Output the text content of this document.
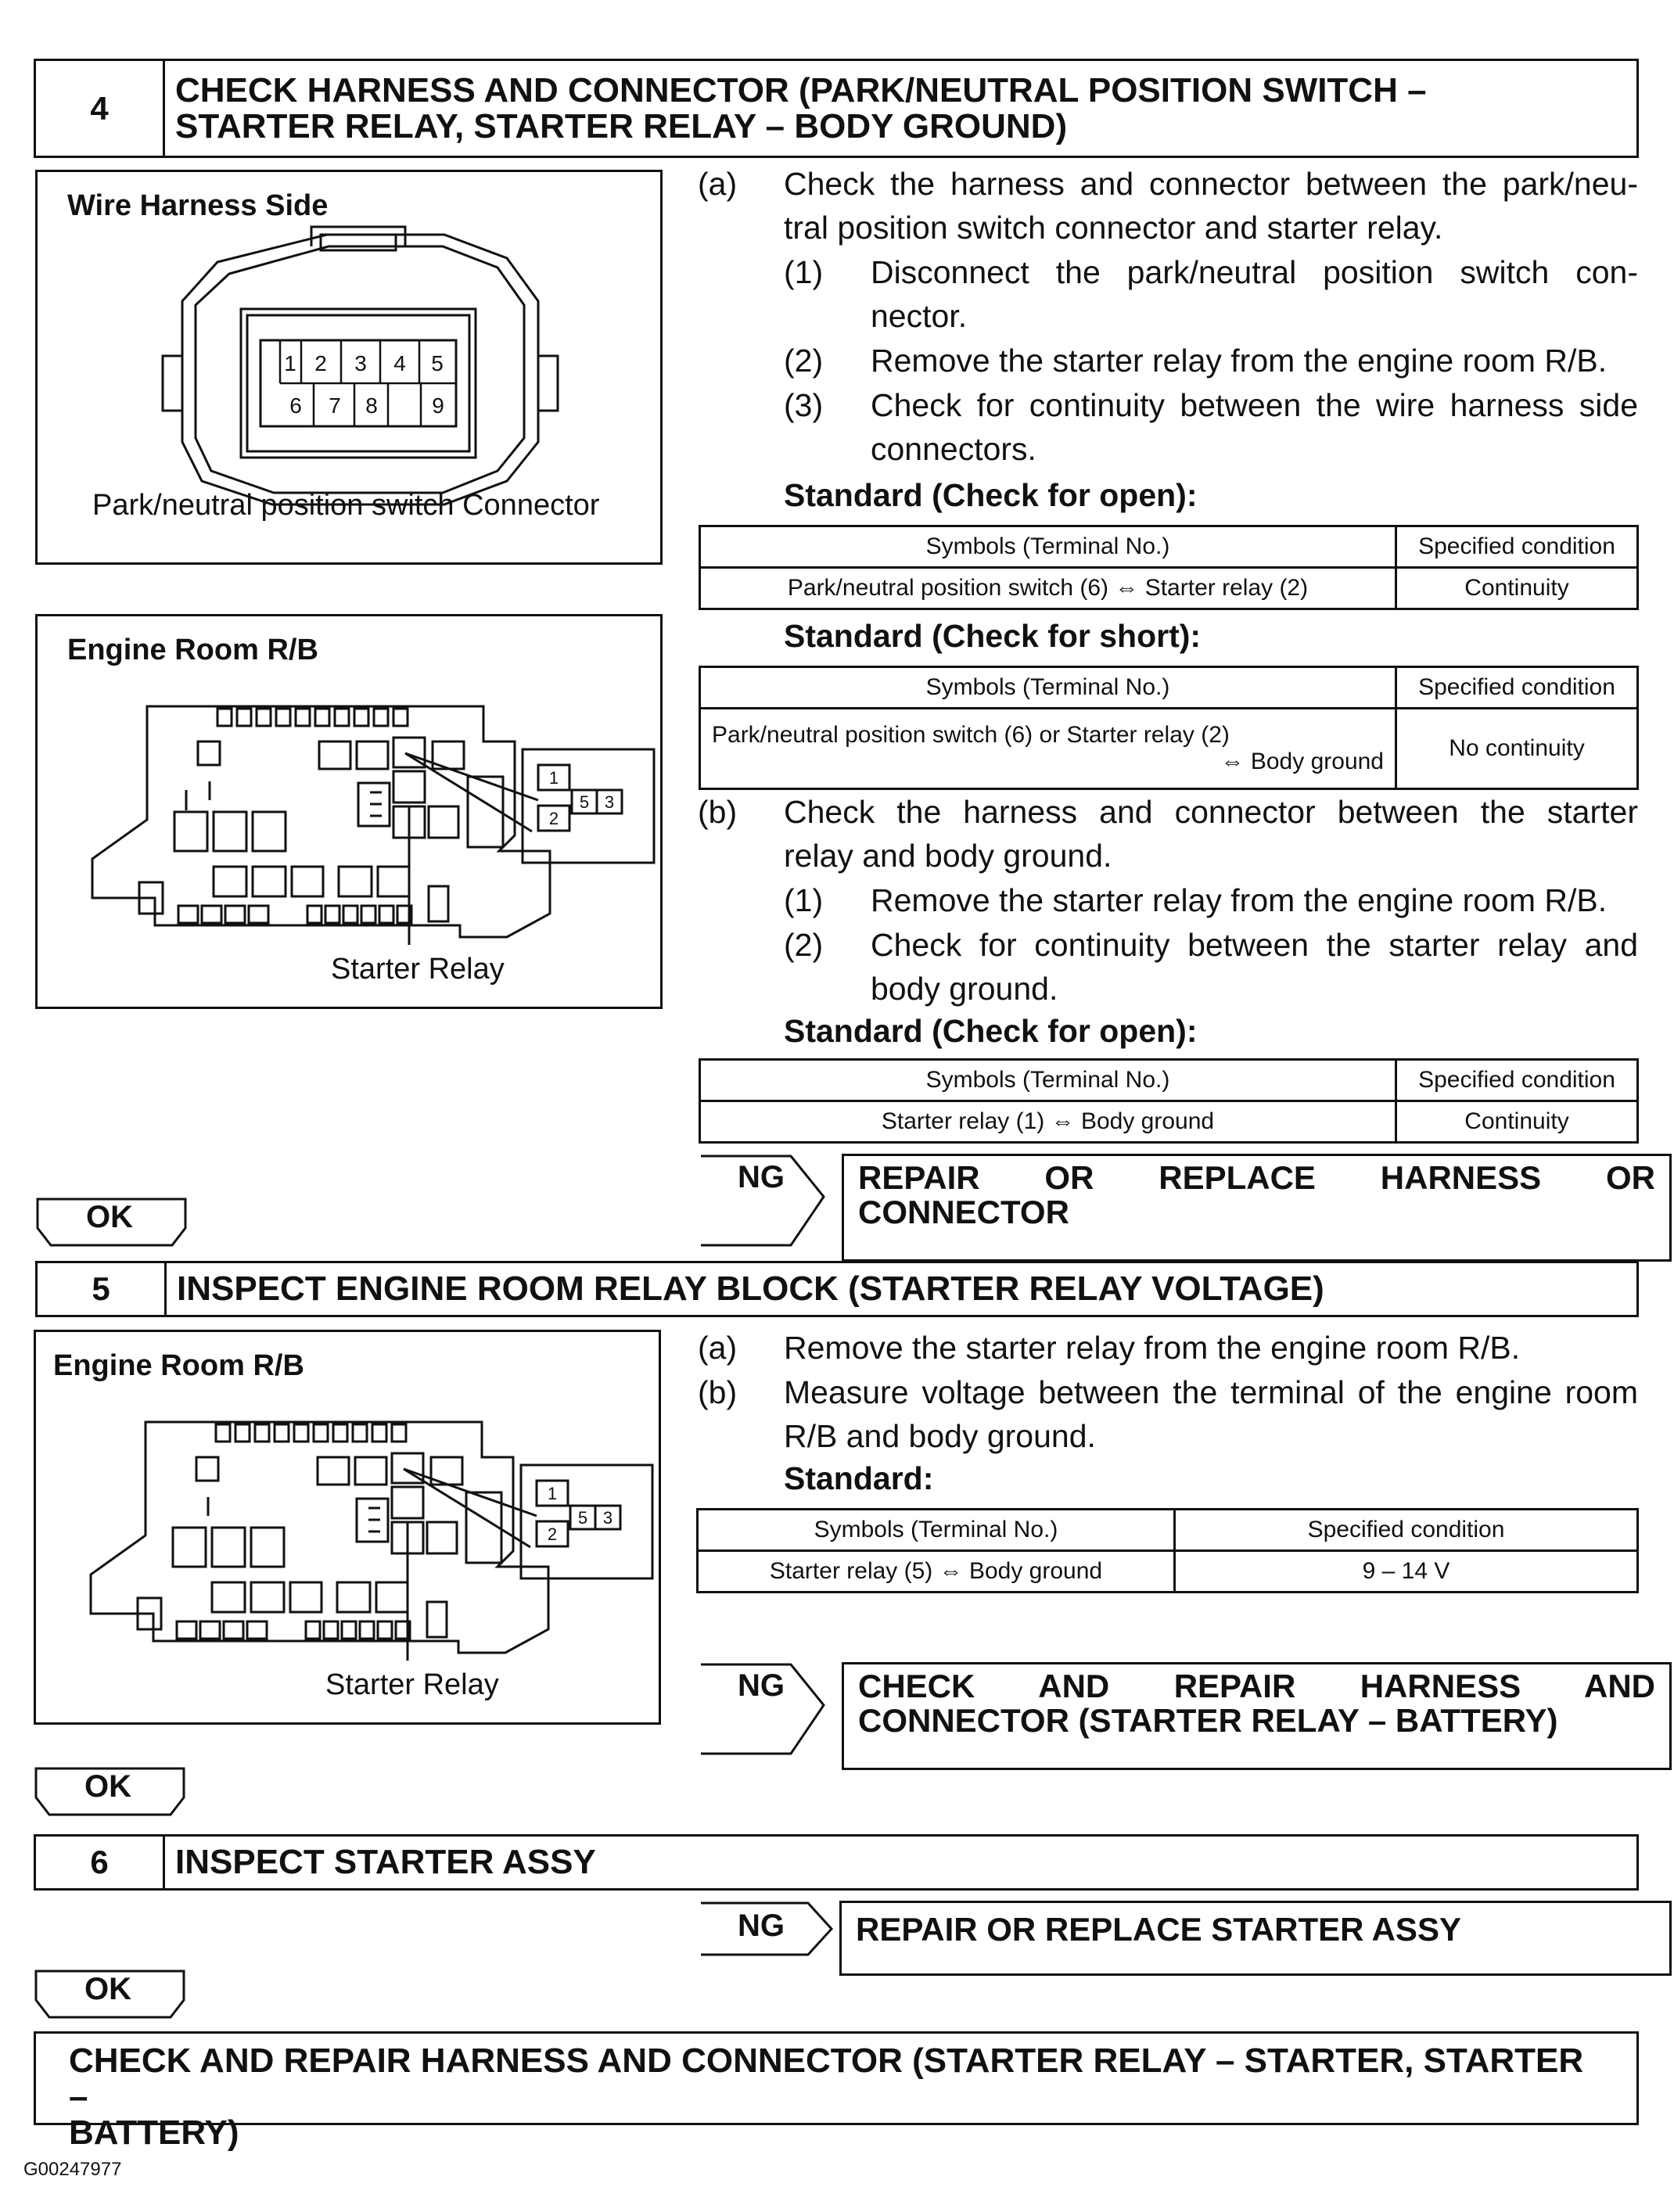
4	CHECK HARNESS AND CONNECTOR (PARK/NEUTRAL POSITION SWITCH –
STARTER RELAY, STARTER RELAY – BODY GROUND)
Wire Harness Side
1 2 3 4 5
6 7 8 9
Park/neutral position switch Connector
Engine Room R/B
1
2
5 3
Starter Relay
(a) Check the harness and connector between the park/neu-
tral position switch connector and starter relay.
(1) Disconnect the park/neutral position switch con-
nector.
(2) Remove the starter relay from the engine room R/B.
(3) Check for continuity between the wire harness side
connectors.
Standard (Check for open):
Symbols (Terminal No.)	Specified condition
Park/neutral position switch (6) ⇔ Starter relay (2)	Continuity
Standard (Check for short):
Symbols (Terminal No.)	Specified condition

Park/neutral position switch (6) or Starter relay (2)
⇔ Body ground	No continuity
(b) Check the harness and connector between the starter
relay and body ground.
(1) Remove the starter relay from the engine room R/B.
(2) Check for continuity between the starter relay and
body ground.
Standard (Check for open):
Symbols (Terminal No.)	Specified condition
Starter relay (1) ⇔ Body ground	Continuity
NG	REPAIR OR REPLACE HARNESS OR
CONNECTOR
OK
5	INSPECT ENGINE ROOM RELAY BLOCK (STARTER RELAY VOLTAGE)
Engine Room R/B
1
2
5 3
Starter Relay
(a) Remove the starter relay from the engine room R/B.
(b) Measure voltage between the terminal of the engine room
R/B and body ground.
Standard:
Symbols (Terminal No.)	Specified condition
Starter relay (5) ⇔ Body ground	9 – 14 V
NG	CHECK AND REPAIR HARNESS AND
CONNECTOR (STARTER RELAY – BATTERY)
OK
6	INSPECT STARTER ASSY
NG	REPAIR OR REPLACE STARTER ASSY
OK
CHECK AND REPAIR HARNESS AND CONNECTOR (STARTER RELAY – STARTER, STARTER –
BATTERY)
G00247977
